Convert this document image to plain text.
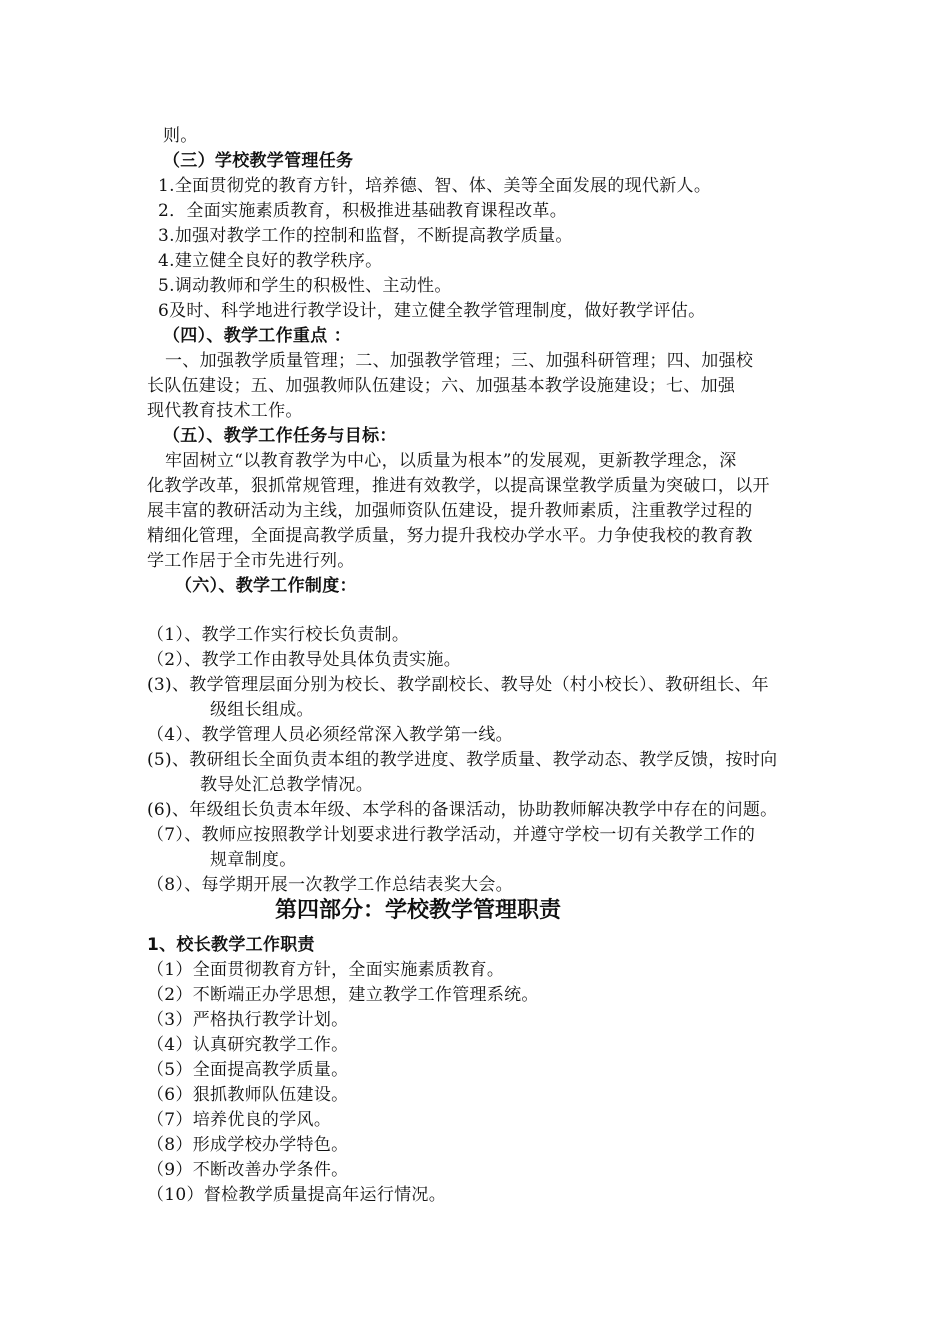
则。
（三）学校教学管理任务
1.全面贯彻党的教育方针，培养德、智、体、美等全面发展的现代新人。
2．全面实施素质教育，积极推进基础教育课程改革。
3.加强对教学工作的控制和监督，不断提高教学质量。
4.建立健全良好的教学秩序。
5.调动教师和学生的积极性、主动性。
6及时、科学地进行教学设计，建立健全教学管理制度，做好教学评估。
（四）、教学工作重点 ：
一、加强教学质量管理；二、加强教学管理；三、加强科研管理；四、加强校
长队伍建设；五、加强教师队伍建设；六、加强基本教学设施建设；七、加强
现代教育技术工作。
（五）、教学工作任务与目标：
牢固树立“以教育教学为中心，以质量为根本”的发展观，更新教学理念，深
化教学改革，狠抓常规管理，推进有效教学，以提高课堂教学质量为突破口，以开
展丰富的教研活动为主线，加强师资队伍建设，提升教师素质，注重教学过程的
精细化管理，全面提高教学质量，努力提升我校办学水平。力争使我校的教育教
学工作居于全市先进行列。
（六）、教学工作制度：
（1）、教学工作实行校长负责制。
（2）、教学工作由教导处具体负责实施。
(3)、教学管理层面分别为校长、教学副校长、教导处（村小校长）、教研组长、年
级组长组成。
（4）、教学管理人员必须经常深入教学第一线。
(5)、教研组长全面负责本组的教学进度、教学质量、教学动态、教学反馈，按时向
教导处汇总教学情况。
(6)、年级组长负责本年级、本学科的备课活动，协助教师解决教学中存在的问题。
（7）、教师应按照教学计划要求进行教学活动，并遵守学校一切有关教学工作的
规章制度。
（8）、每学期开展一次教学工作总结表奖大会。
第四部分：学校教学管理职责
1、校长教学工作职责
（1）全面贯彻教育方针，全面实施素质教育。
（2）不断端正办学思想，建立教学工作管理系统。
（3）严格执行教学计划。
（4）认真研究教学工作。
（5）全面提高教学质量。
（6）狠抓教师队伍建设。
（7）培养优良的学风。
（8）形成学校办学特色。
（9）不断改善办学条件。
（10）督检教学质量提高年运行情况。
